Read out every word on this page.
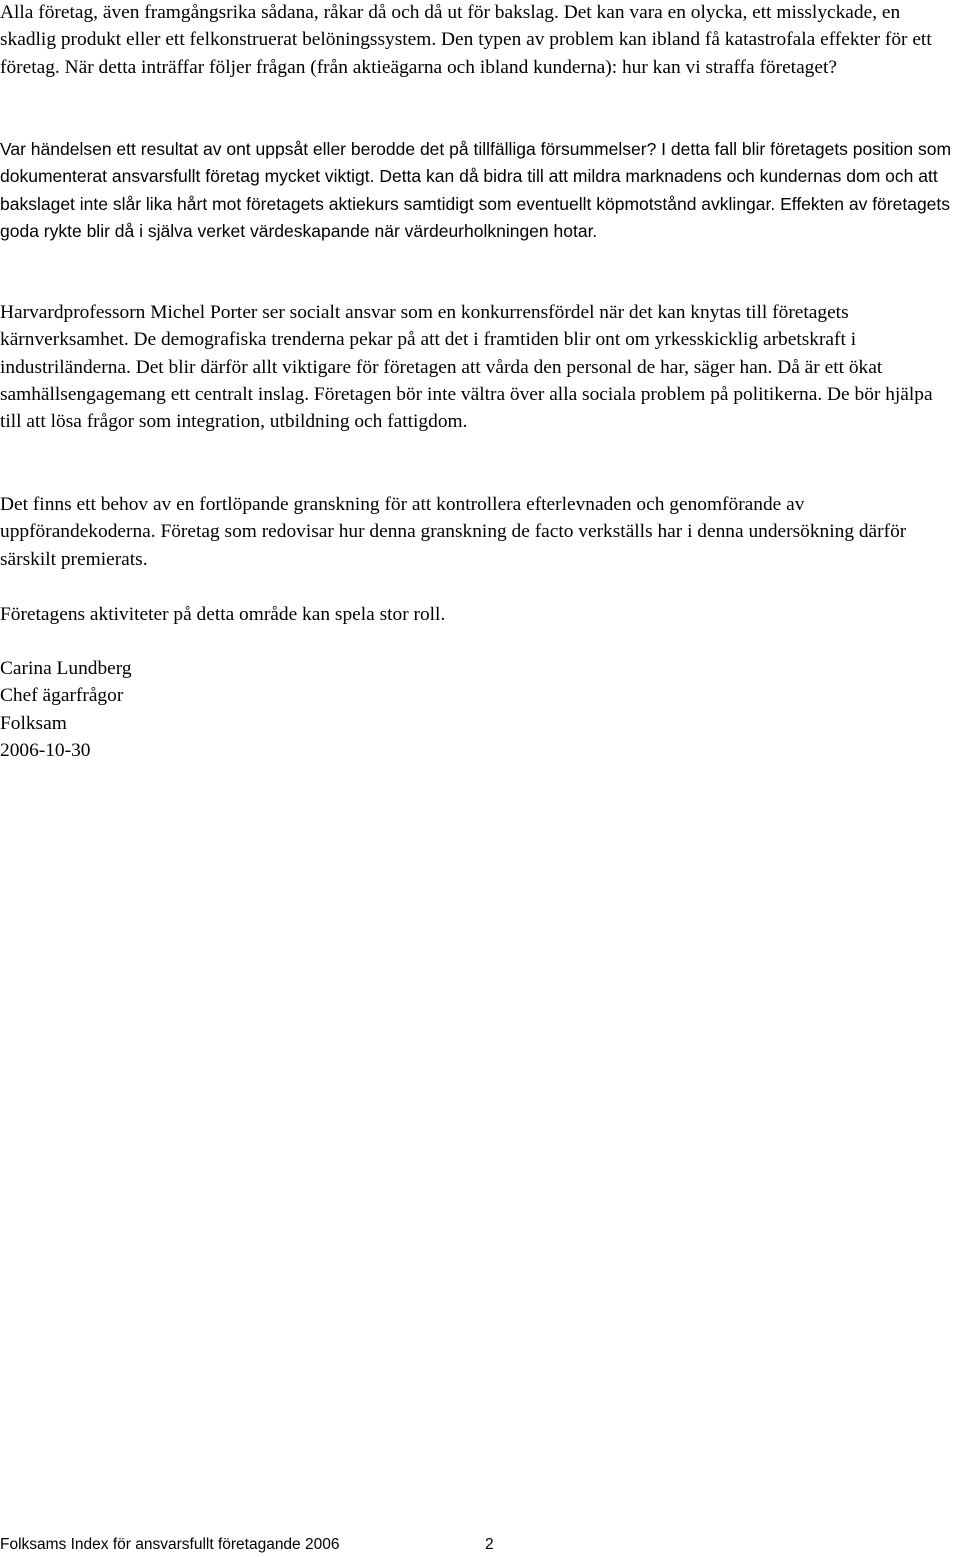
Alla företag, även framgångsrika sådana, råkar då och då ut för bakslag. Det kan vara en olycka, ett misslyckade, en skadlig produkt eller ett felkonstruerat belöningssystem. Den typen av problem kan ibland få katastrofala effekter för ett företag. När detta inträffar följer frågan (från aktieägarna och ibland kunderna): hur kan vi straffa företaget?

Var händelsen ett resultat av ont uppsåt eller berodde det på tillfälliga försummelser? I detta fall blir företagets position som dokumenterat ansvarsfullt företag mycket viktigt. Detta kan då bidra till att mildra marknadens och kundernas dom och att bakslaget inte slår lika hårt mot företagets aktiekurs samtidigt som eventuellt köpmotstånd avklingar. Effekten av företagets goda rykte blir då i själva verket värdeskapande när värdeurholkningen hotar.

Harvardprofessorn Michel Porter ser socialt ansvar som en konkurrensfördel när det kan knytas till företagets kärnverksamhet. De demografiska trenderna pekar på att det i framtiden blir ont om yrkesskicklig arbetskraft i industriländerna. Det blir därför allt viktigare för företagen att vårda den personal de har, säger han. Då är ett ökat samhällsengagemang ett centralt inslag. Företagen bör inte vältra över alla sociala problem på politikerna. De bör hjälpa till att lösa frågor som integration, utbildning och fattigdom.

Det finns ett behov av en fortlöpande granskning för att kontrollera efterlevnaden och genomförande av uppförandekoderna. Företag som redovisar hur denna granskning de facto verkställs har i denna undersökning därför särskilt premierats.

Företagens aktiviteter på detta område kan spela stor roll.

Carina Lundberg
Chef ägarfrågor
Folksam
2006-10-30
Folksams Index för ansvarsfullt företagande 2006	2
